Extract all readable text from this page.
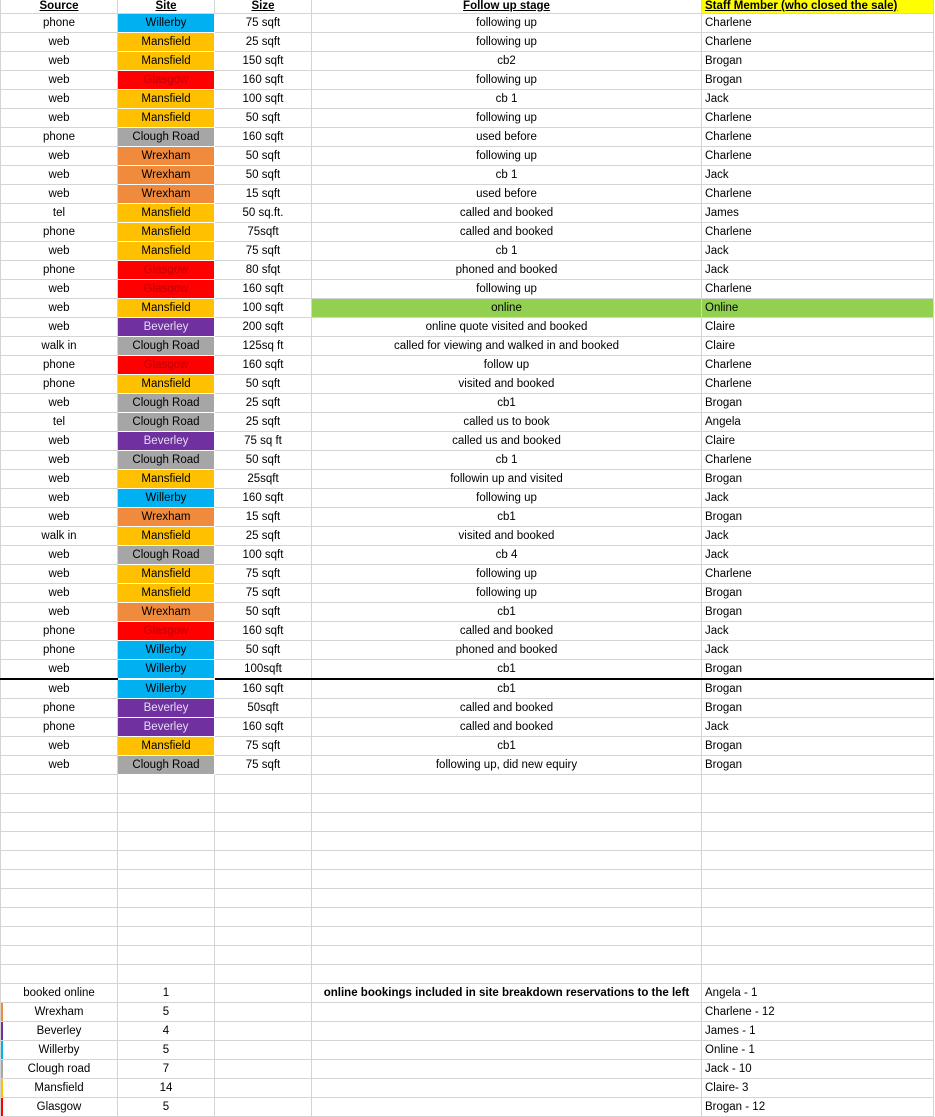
Source	Site	Size	Follow up stage	Staff Member (who closed the sale)
phone	Willerby	75 sqft	following up	Charlene
web	Mansfield	25 sqft	following up	Charlene
web	Mansfield	150 sqft	cb2	Brogan
web	Glasgow	160 sqft	following up	Brogan
web	Mansfield	100 sqft	cb 1	Jack
web	Mansfield	50 sqft	following up	Charlene
phone	Clough Road	160 sqft	used before	Charlene
web	Wrexham	50 sqft	following up	Charlene
web	Wrexham	50 sqft	cb 1	Jack
web	Wrexham	15 sqft	used before	Charlene
tel	Mansfield	50 sq.ft.	called and booked	James
phone	Mansfield	75sqft	called and booked	Charlene
web	Mansfield	75 sqft	cb 1	Jack
phone	Glasgow	80 sfqt	phoned and booked	Jack
web	Glasgow	160 sqft	following up	Charlene
web	Mansfield	100 sqft	online	Online
web	Beverley	200 sqft	online quote visited and booked	Claire
walk in	Clough Road	125sq ft	called for viewing and walked in and booked	Claire
phone	Glasgow	160 sqft	follow up	Charlene
phone	Mansfield	50 sqft	visited and booked	Charlene
web	Clough Road	25 sqft	cb1	Brogan
tel	Clough Road	25 sqft	called us to book	Angela
web	Beverley	75 sq ft	called us and booked	Claire
web	Clough Road	50 sqft	cb 1	Charlene
web	Mansfield	25sqft	followin up and visited	Brogan
web	Willerby	160 sqft	following up	Jack
web	Wrexham	15 sqft	cb1	Brogan
walk in	Mansfield	25 sqft	visited and booked	Jack
web	Clough Road	100 sqft	cb 4	Jack
web	Mansfield	75 sqft	following up	Charlene
web	Mansfield	75 sqft	following up	Brogan
web	Wrexham	50 sqft	cb1	Brogan
phone	Glasgow	160 sqft	called and booked	Jack
phone	Willerby	50 sqft	phoned and booked	Jack
web	Willerby	100sqft	cb1	Brogan
web	Willerby	160 sqft	cb1	Brogan
phone	Beverley	50sqft	called and booked	Brogan
phone	Beverley	160 sqft	called and booked	Jack
web	Mansfield	75 sqft	cb1	Brogan
web	Clough Road	75 sqft	following up, did new equiry	Brogan

booked online	1		online bookings included in site breakdown reservations to the left	Angela - 1
Wrexham	5			Charlene - 12
Beverley	4			James - 1
Willerby	5			Online - 1
Clough road	7			Jack - 10
Mansfield	14			Claire- 3
Glasgow	5			Brogan - 12
